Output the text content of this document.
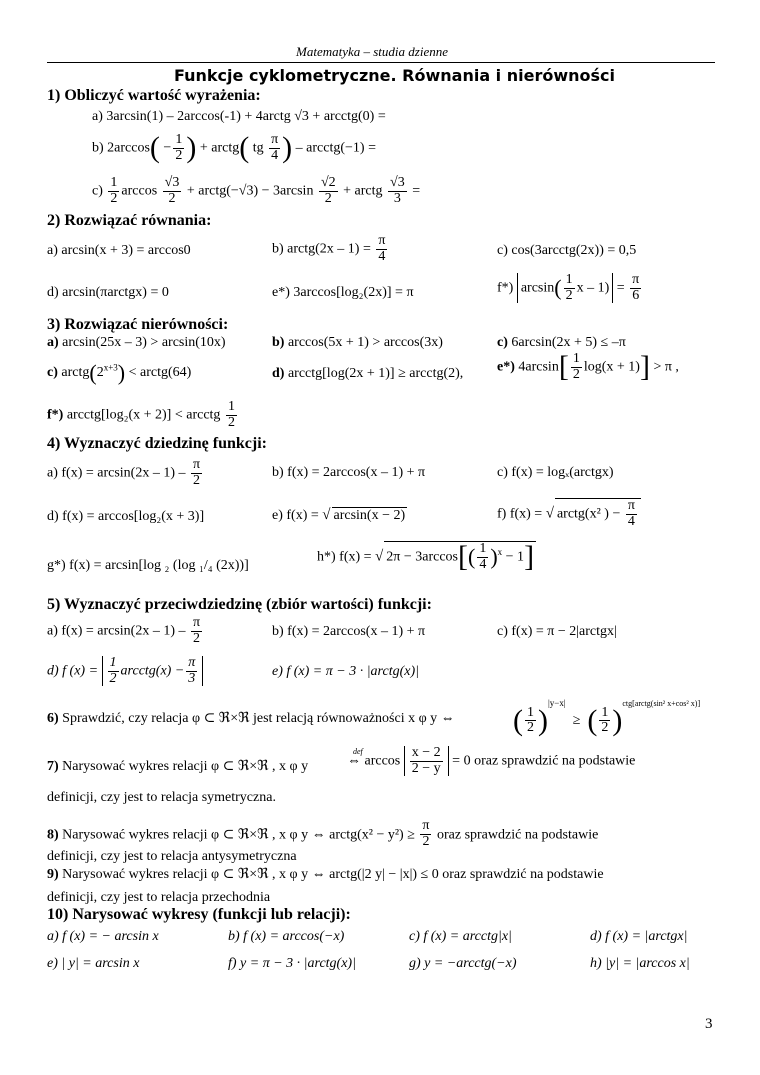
Matematyka – studia dzienne
Funkcje cyklometryczne. Równania i nierówności
1) Obliczyć wartość wyrażenia:
a) 3arcsin(1) – 2arccos(-1) + 4arctg √3 + arcctg(0) =
b) $2\arccos( - \frac{1}{2}$ ) + arctg( tg $\frac{\pi}{4}$ ) – arcctg(−1) =
$c) \frac{1}{2}$ $\arccos \frac{√3}{2}$ + arctg(−√3) − $3\arcsin \frac{√2}{2}$ + arctg $\frac{√3}{3}$ =
2) Rozwiązać równania:
a) arcsin(x + 3) = arccos0	b) arctg(2x – $1) = \frac{\pi}{4}$	c) cos(3arcctg(2x)) = 0,5
d) arcsin(πarctgx) = 0	e*) 3arccos[log₂(2x)] = π	f*) $\arcsin( \frac{1}{2}$ $x - 1) = \frac{\pi}{6}$
3) Rozwiązać nierówności:
a) arcsin(25x – 3) > arcsin(10x)	b) arccos(5x + 1) > arccos(3x)	c) 6arcsin(2x + 5) ≤ –π
c) $arctg(2^{x+3})$ < arctg(64)	d) arcctg[log(2x + 1)] ≥ arcctg(2), e*) $4\arcsin[ \frac{1}{2} \log(x + 1)] > \pi$ ,
f*) arcctg[log₂(x + 2)] < arcctg $\frac{1}{2}$
4) Wyznaczyć dziedzinę funkcji:
a) $f(x) = \arcsin(2x - 1) - \frac{\pi}{2}$	b) f(x) = 2arccos(x – 1) + π	c) f(x) = logₓ(arctgx)
d) f(x) = arccos[log₂(x + 3)]	e) f(x) = √ arcsin(x − 2)	f) f(x) = √ arctg(x² ) − $\frac{\pi}{4}$
g*) f(x) = arcsin[log ₂ (log ₁/₄ (2x))]
h*) f(x) = √ $2\pi - 3\arccos[( \frac{1}{4} )^x - 1]$
5) Wyznaczyć przeciwdziedzinę (zbiór wartości) funkcji:
a) $f(x) = \arcsin(2x - 1) - \frac{\pi}{2}$	b) f(x) = 2arccos(x – 1) + π	c) f(x) = π − 2|arctgx|
d) f $(x) = \frac{1}{2}$ arcctg(x) − $\frac{\pi}{3}$	e) f (x) = π − 3 · |arctg(x)|
6) Sprawdzić, czy relacja φ ⊂ ℜ×ℜ jest relacją równoważności x φ y ⇔ ( $\frac{1}{2} )^{|y-x|}$  ≥ ( $\frac{1}{2} )^{ctg[arctg(sin^2 x+cos^2 x)]}$
7) Narysować wykres relacji φ ⊂ ℜ×ℜ , x φ y
def
⇔ $\arccos \frac{x - 2}{2 - y} = 0$ oraz sprawdzić na podstawie
definicji, czy jest to relacja symetryczna.
8) Narysować wykres relacji φ ⊂ ℜ×ℜ , x φ y ⇔ arctg(x² − $y^2) \ge \frac{\pi}{2}$ oraz sprawdzić na podstawie
definicji, czy jest to relacja antysymetryczna
9) Narysować wykres relacji φ ⊂ ℜ×ℜ , x φ y ⇔ arctg(|2 y| − |x|) ≤ 0 oraz sprawdzić na podstawie
definicji, czy jest to relacja przechodnia
10) Narysować wykresy (funkcji lub relacji):
a) f (x) = − arcsin x	b) f (x) = arccos(−x)	c) f (x) = arcctg|x|	d) f (x) = |arctgx|
e) | y| = arcsin x	f) y = π − 3 · |arctg(x)|	g) y = −arcctg(−x)	h) |y| = |arccos x|
3
